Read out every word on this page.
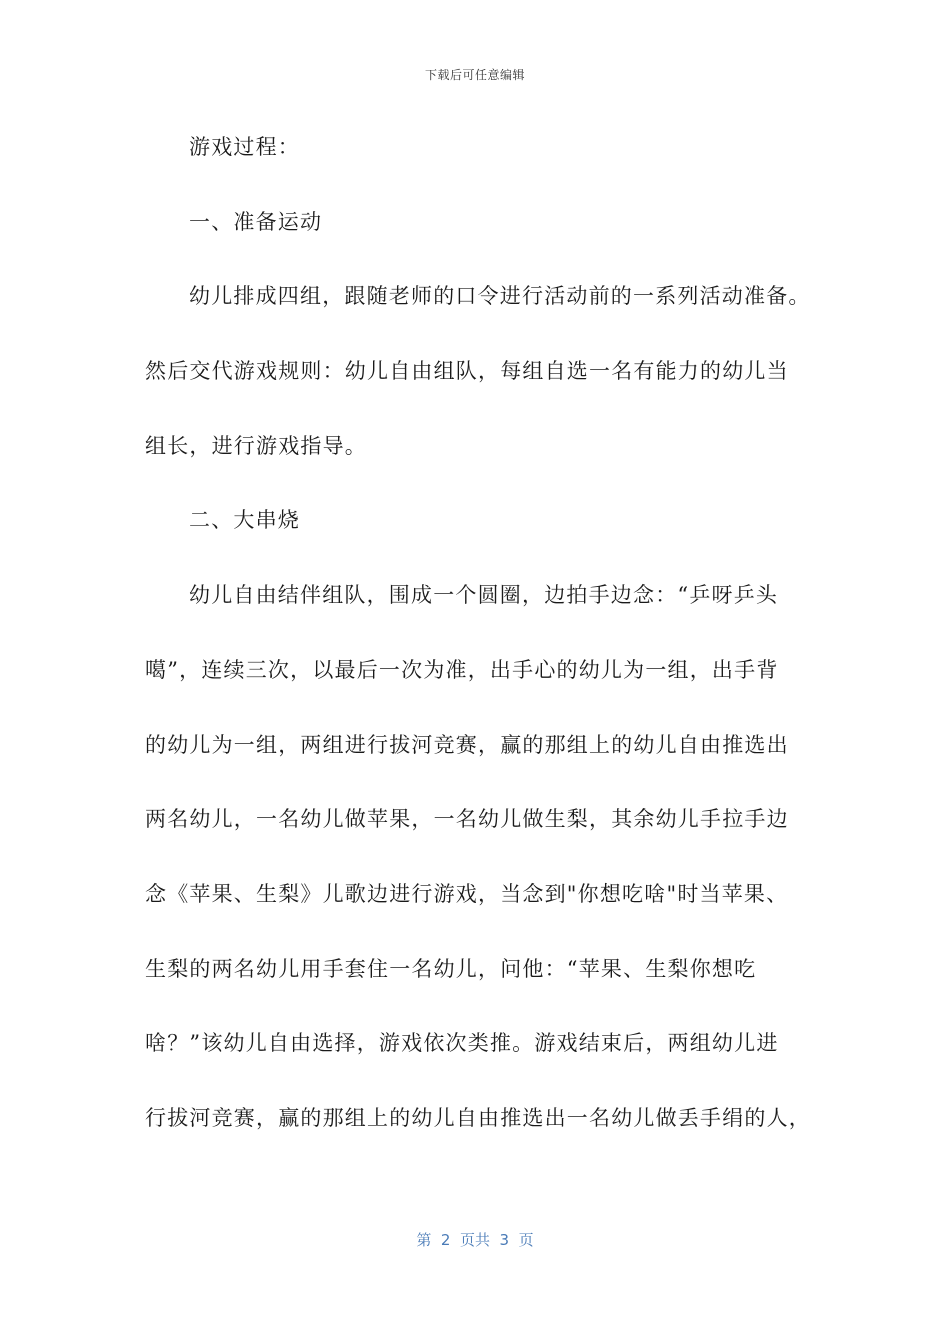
下载后可任意编辑
游戏过程：
一、准备运动
幼儿排成四组，跟随老师的口令进行活动前的一系列活动准备。
然后交代游戏规则：幼儿自由组队，每组自选一名有能力的幼儿当
组长，进行游戏指导。
二、大串烧
幼儿自由结伴组队，围成一个圆圈，边拍手边念：“乒呀乒头
噶”，连续三次，以最后一次为准，出手心的幼儿为一组，出手背
的幼儿为一组，两组进行拔河竞赛，赢的那组上的幼儿自由推选出
两名幼儿，一名幼儿做苹果，一名幼儿做生梨，其余幼儿手拉手边
念《苹果、生梨》儿歌边进行游戏，当念到"你想吃啥"时当苹果、
生梨的两名幼儿用手套住一名幼儿，问他：“苹果、生梨你想吃
啥？”该幼儿自由选择，游戏依次类推。游戏结束后，两组幼儿进
行拔河竞赛，赢的那组上的幼儿自由推选出一名幼儿做丢手绢的人，
第  2  页共  3  页
